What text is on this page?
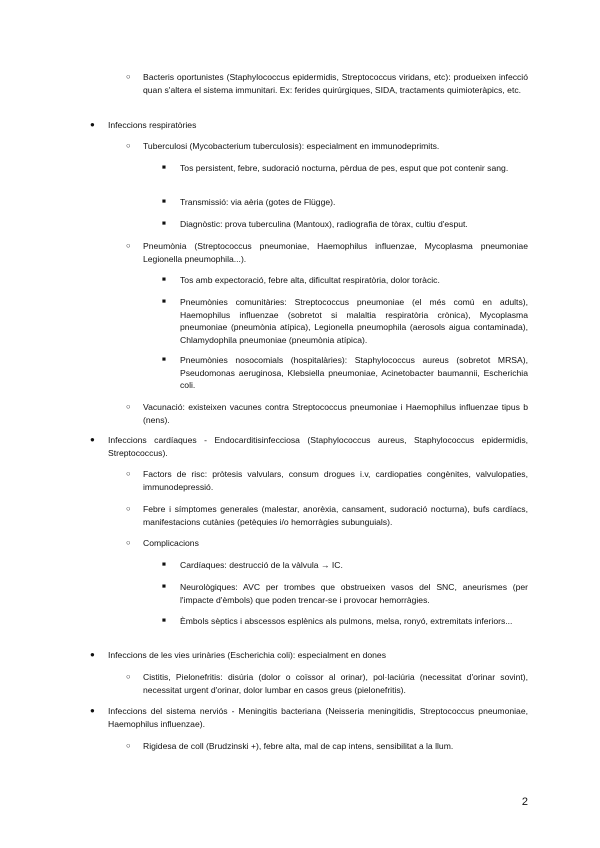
○ Bacteris oportunistes (Staphylococcus epidermidis, Streptococcus viridans, etc): produeixen infecció quan s'altera el sistema immunitari. Ex: ferides quirúrgiques, SIDA, tractaments quimioteràpics, etc.
● Infeccions respiratòries
○ Tuberculosi (Mycobacterium tuberculosis): especialment en immunodeprimits.
■ Tos persistent, febre, sudoració nocturna, pèrdua de pes, esput que pot contenir sang.
■ Transmissió: via aèria (gotes de Flügge).
■ Diagnòstic: prova tuberculina (Mantoux), radiografia de tòrax, cultiu d'esput.
○ Pneumònia (Streptococcus pneumoniae, Haemophilus influenzae, Mycoplasma pneumoniae Legionella pneumophila...).
■ Tos amb expectoració, febre alta, dificultat respiratòria, dolor toràcic.
■ Pneumònies comunitàries: Streptococcus pneumoniae (el més comú en adults), Haemophilus influenzae (sobretot si malaltia respiratòria crònica), Mycoplasma pneumoniae (pneumònia atípica), Legionella pneumophila (aerosols aigua contaminada), Chlamydophila pneumoniae (pneumònia atípica).
■ Pneumònies nosocomials (hospitalàries): Staphylococcus aureus (sobretot MRSA), Pseudomonas aeruginosa, Klebsiella pneumoniae, Acinetobacter baumannii, Escherichia coli.
○ Vacunació: existeixen vacunes contra Streptococcus pneumoniae i Haemophilus influenzae tipus b (nens).
● Infeccions cardíaques - Endocarditisinfecciosa (Staphylococcus aureus, Staphylococcus epidermidis, Streptococcus).
○ Factors de risc: pròtesis valvulars, consum drogues i.v, cardiopaties congènites, valvulopaties, immunodepressió.
○ Febre i símptomes generales (malestar, anorèxia, cansament, sudoració nocturna), bufs cardíacs, manifestacions cutànies (petèquies i/o hemorràgies subunguials).
○ Complicacions
■ Cardíaques: destrucció de la vàlvula → IC.
■ Neurològiques: AVC per trombes que obstrueixen vasos del SNC, aneurismes (per l'impacte d'èmbols) que poden trencar-se i provocar hemorràgies.
■ Èmbols sèptics i abscessos esplènics als pulmons, melsa, ronyó, extremitats inferiors...
● Infeccions de les vies urinàries (Escherichia coli): especialment en dones
○ Cistitis, Pielonefritis: disúria (dolor o coïssor al orinar), pol·laciúria (necessitat d'orinar sovint), necessitat urgent d'orinar, dolor lumbar en casos greus (pielonefritis).
● Infeccions del sistema nerviós - Meningitis bacteriana (Neisseria meningitidis, Streptococcus pneumoniae, Haemophilus influenzae).
○ Rigidesa de coll (Brudzinski +), febre alta, mal de cap intens, sensibilitat a la llum.
2
